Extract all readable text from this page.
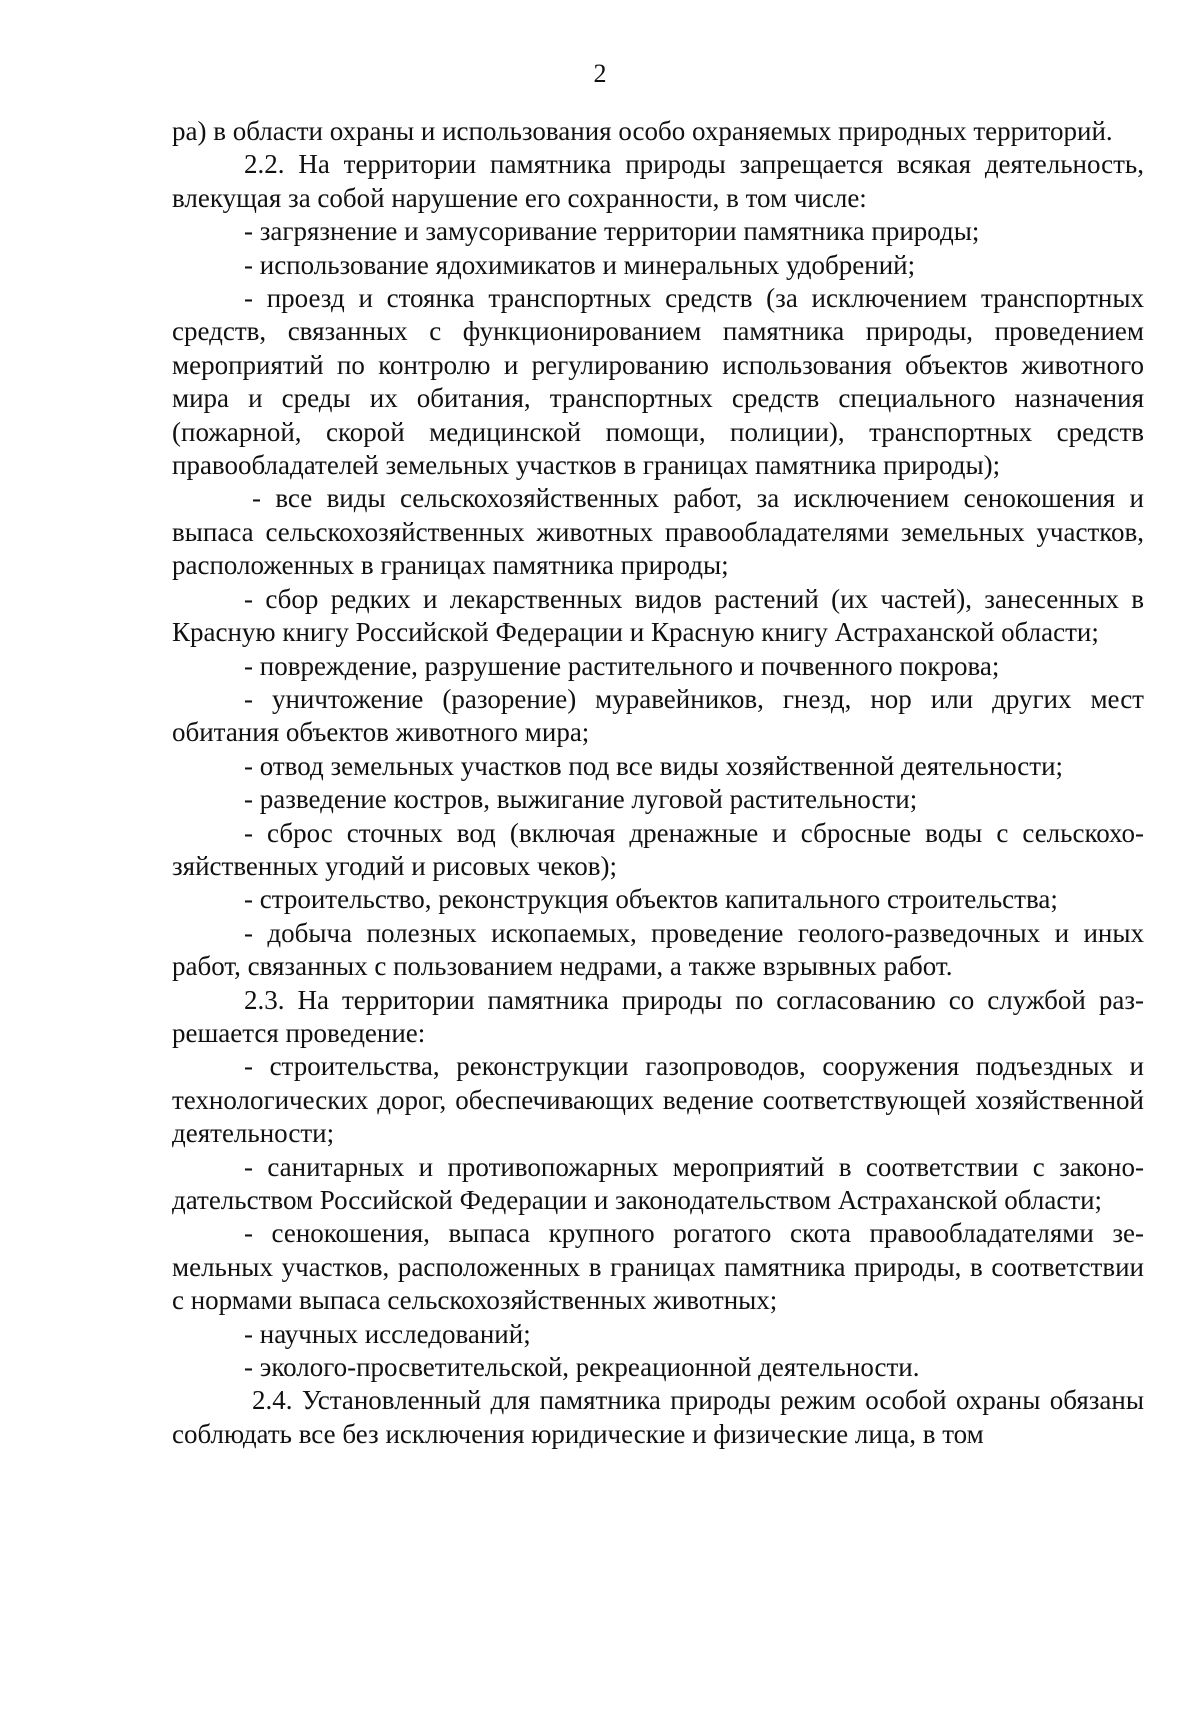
2

ра) в области охраны и использования особо охраняемых природных территорий.

2.2. На территории памятника природы запрещается всякая деятельность, влекущая за собой нарушение его сохранности, в том числе:

- загрязнение и замусоривание территории памятника природы;

- использование ядохимикатов и минеральных удобрений;

- проезд и стоянка транспортных средств (за исключением транспортных средств, связанных с функционированием памятника природы, проведением мероприятий по контролю и регулированию использования объектов животного мира и среды их обитания, транспортных средств специального назначения (пожарной, скорой медицинской помощи, полиции), транспортных средств правообладателей земельных участков в границах памятника природы);

- все виды сельскохозяйственных работ, за исключением сенокошения и выпаса сельскохозяйственных животных правообладателями земельных участков, расположенных в границах памятника природы;

- сбор редких и лекарственных видов растений (их частей), занесенных в Красную книгу Российской Федерации и Красную книгу Астраханской области;

- повреждение, разрушение растительного и почвенного покрова;

- уничтожение (разорение) муравейников, гнезд, нор или других мест обитания объектов животного мира;

- отвод земельных участков под все виды хозяйственной деятельности;

- разведение костров, выжигание луговой растительности;

- сброс сточных вод (включая дренажные и сбросные воды с сельскохозяйственных угодий и рисовых чеков);

- строительство, реконструкция объектов капитального строительства;

- добыча полезных ископаемых, проведение геолого-разведочных и иных работ, связанных с пользованием недрами, а также взрывных работ.

2.3. На территории памятника природы по согласованию со службой разрешается проведение:

- строительства, реконструкции газопроводов, сооружения подъездных и технологических дорог, обеспечивающих ведение соответствующей хозяйственной деятельности;

- санитарных и противопожарных мероприятий в соответствии с законодательством Российской Федерации и законодательством Астраханской области;

- сенокошения, выпаса крупного рогатого скота правообладателями земельных участков, расположенных в границах памятника природы, в соответствии с нормами выпаса сельскохозяйственных животных;

- научных исследований;

- эколого-просветительской, рекреационной деятельности.

2.4. Установленный для памятника природы режим особой охраны обязаны соблюдать все без исключения юридические и физические лица, в том
